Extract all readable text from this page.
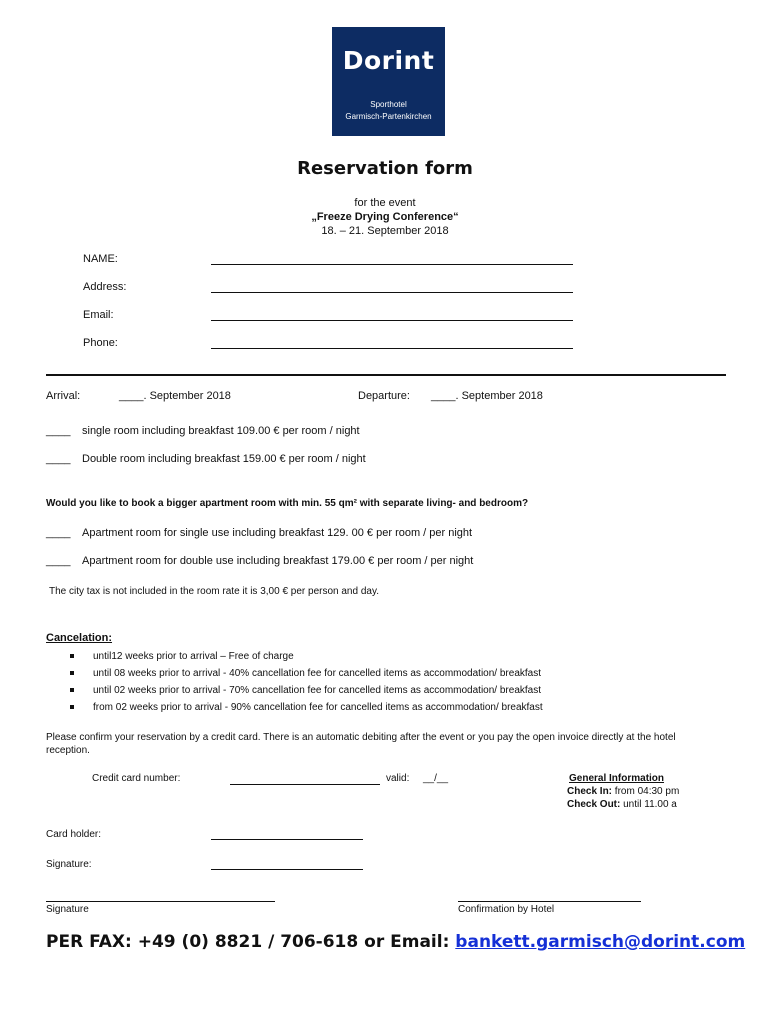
Dorint
Sporthotel
Garmisch-Partenkirchen
Reservation form
for the event
„Freeze Drying Conference“
18. – 21. September 2018
NAME:
Address:
Email:
Phone:
Arrival:	____. September 2018	Departure: ____. September 2018
____ single room including breakfast 109.00 € per room / night
____ Double room including breakfast 159.00 € per room / night
Would you like to book a bigger apartment room with min. 55 qm² with separate living- and bedroom?
____ Apartment room for single use including breakfast 129. 00 € per room / per night
____ Apartment room for double use including breakfast 179.00 € per room / per night
The city tax is not included in the room rate it is 3,00 € per person and day.
Cancelation:
until12 weeks prior to arrival – Free of charge
until 08 weeks prior to arrival - 40% cancellation fee for cancelled items as accommodation/ breakfast
until 02 weeks prior to arrival - 70% cancellation fee for cancelled items as accommodation/ breakfast
from 02 weeks prior to arrival - 90% cancellation fee for cancelled items as accommodation/ breakfast
Please confirm your reservation by a credit card. There is an automatic debiting after the event or you pay the open invoice directly at the hotel
reception.
Credit card number:	valid: __/__	General Information
Check In: from 04:30 pm
Check Out: until 11.00 a
Card holder:
Signature:
Signature	Confirmation by Hotel
PER FAX: +49 (0) 8821 / 706-618 or Email: bankett.garmisch@dorint.com
